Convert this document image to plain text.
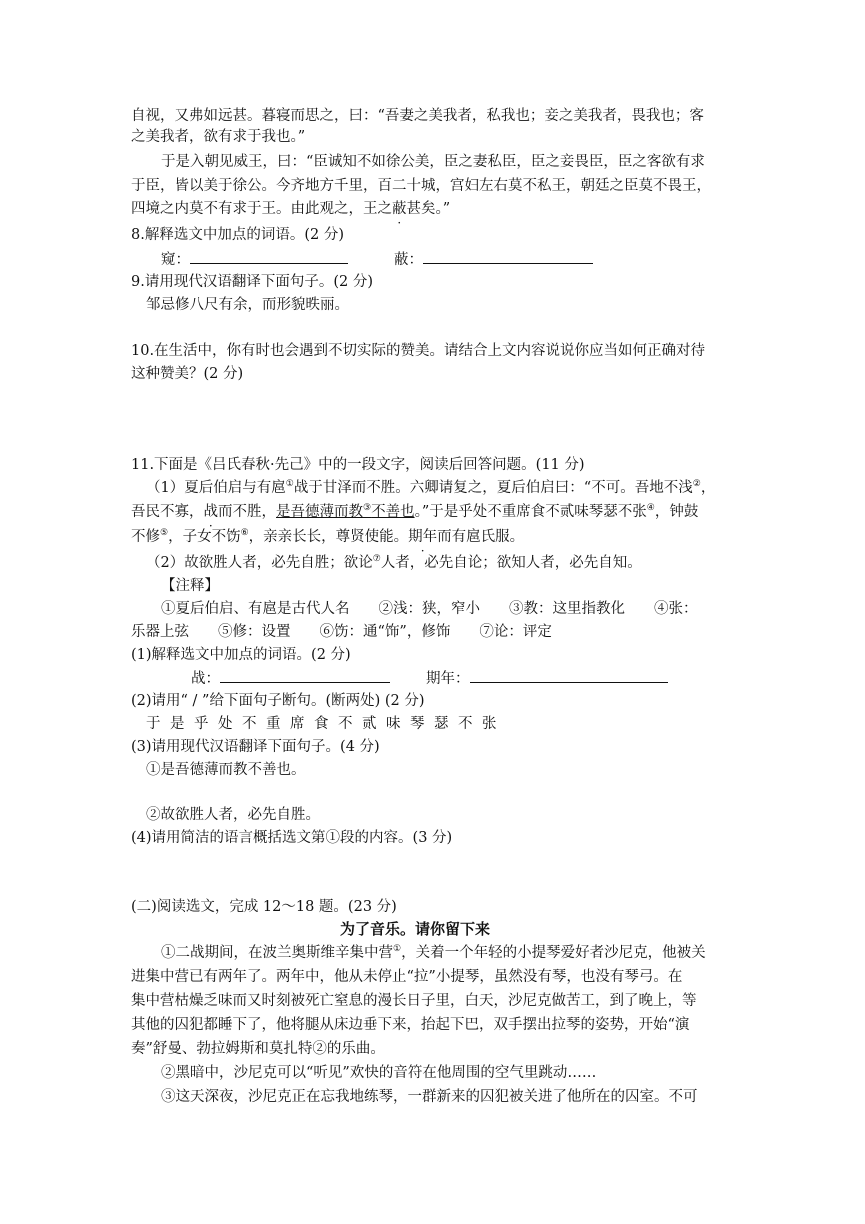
自视，又弗如远甚。暮寝而思之，曰：“吾妻之美我者，私我也；妾之美我者，畏我也；客
之美我者，欲有求于我也。”
于是入朝见威王，曰：“臣诚知不如徐公美，臣之妻私臣，臣之妾畏臣，臣之客欲有求
于臣，皆以美于徐公。今齐地方千里，百二十城，宫妇左右莫不私王，朝廷之臣莫不畏王，
四境之内莫不有求于王。由此观之，王之蔽甚矣。”
8.解释选文中加点的词语。(2 分)
窥：	蔽：
9.请用现代汉语翻译下面句子。(2 分)
邹忌修八尺有余，而形貌昳丽。
10.在生活中，你有时也会遇到不切实际的赞美。请结合上文内容说说你应当如何正确对待
这种赞美？(2 分)
11.下面是《吕氏春秋·先己》中的一段文字，阅读后回答问题。(11 分)
（1）夏后伯启与有扈①战于甘泽而不胜。六卿请复之，夏后伯启曰：“不可。吾地不浅②，
吾民不寡，战而不胜，是吾德薄而教③不善也。”于是乎处不重席食不贰味琴瑟不张④，钟鼓
不修⑤，子女不饬⑥，亲亲长长，尊贤使能。期年而有扈氏服。
（2）故欲胜人者，必先自胜；欲论⑦人者，必先自论；欲知人者，必先自知。
【注释】
①夏后伯启、有扈是古代人名　　②浅：狭，窄小　　③教：这里指教化　　④张：
乐器上弦　　⑤修：设置　　⑥饬：通“饰”，修饰　　⑦论：评定
(1)解释选文中加点的词语。(2 分)
战：	期年：
(2)请用“ / ”给下面句子断句。(断两处) (2 分)
于是乎处不重席食不贰味琴瑟不张
(3)请用现代汉语翻译下面句子。(4 分)
①是吾德薄而教不善也。
②故欲胜人者，必先自胜。
(4)请用简洁的语言概括选文第①段的内容。(3 分)
(二)阅读选文，完成 12～18 题。(23 分)
为了音乐。请你留下来
①二战期间，在波兰奥斯维辛集中营①，关着一个年轻的小提琴爱好者沙尼克，他被关
进集中营已有两年了。两年中，他从未停止“拉”小提琴，虽然没有琴，也没有琴弓。在
集中营枯燥乏味而又时刻被死亡窒息的漫长日子里，白天，沙尼克做苦工，到了晚上，等
其他的囚犯都睡下了，他将腿从床边垂下来，抬起下巴，双手摆出拉琴的姿势，开始“演
奏”舒曼、勃拉姆斯和莫扎特②的乐曲。
②黑暗中，沙尼克可以“听见”欢快的音符在他周围的空气里跳动……
③这天深夜，沙尼克正在忘我地练琴，一群新来的囚犯被关进了他所在的囚室。不可
